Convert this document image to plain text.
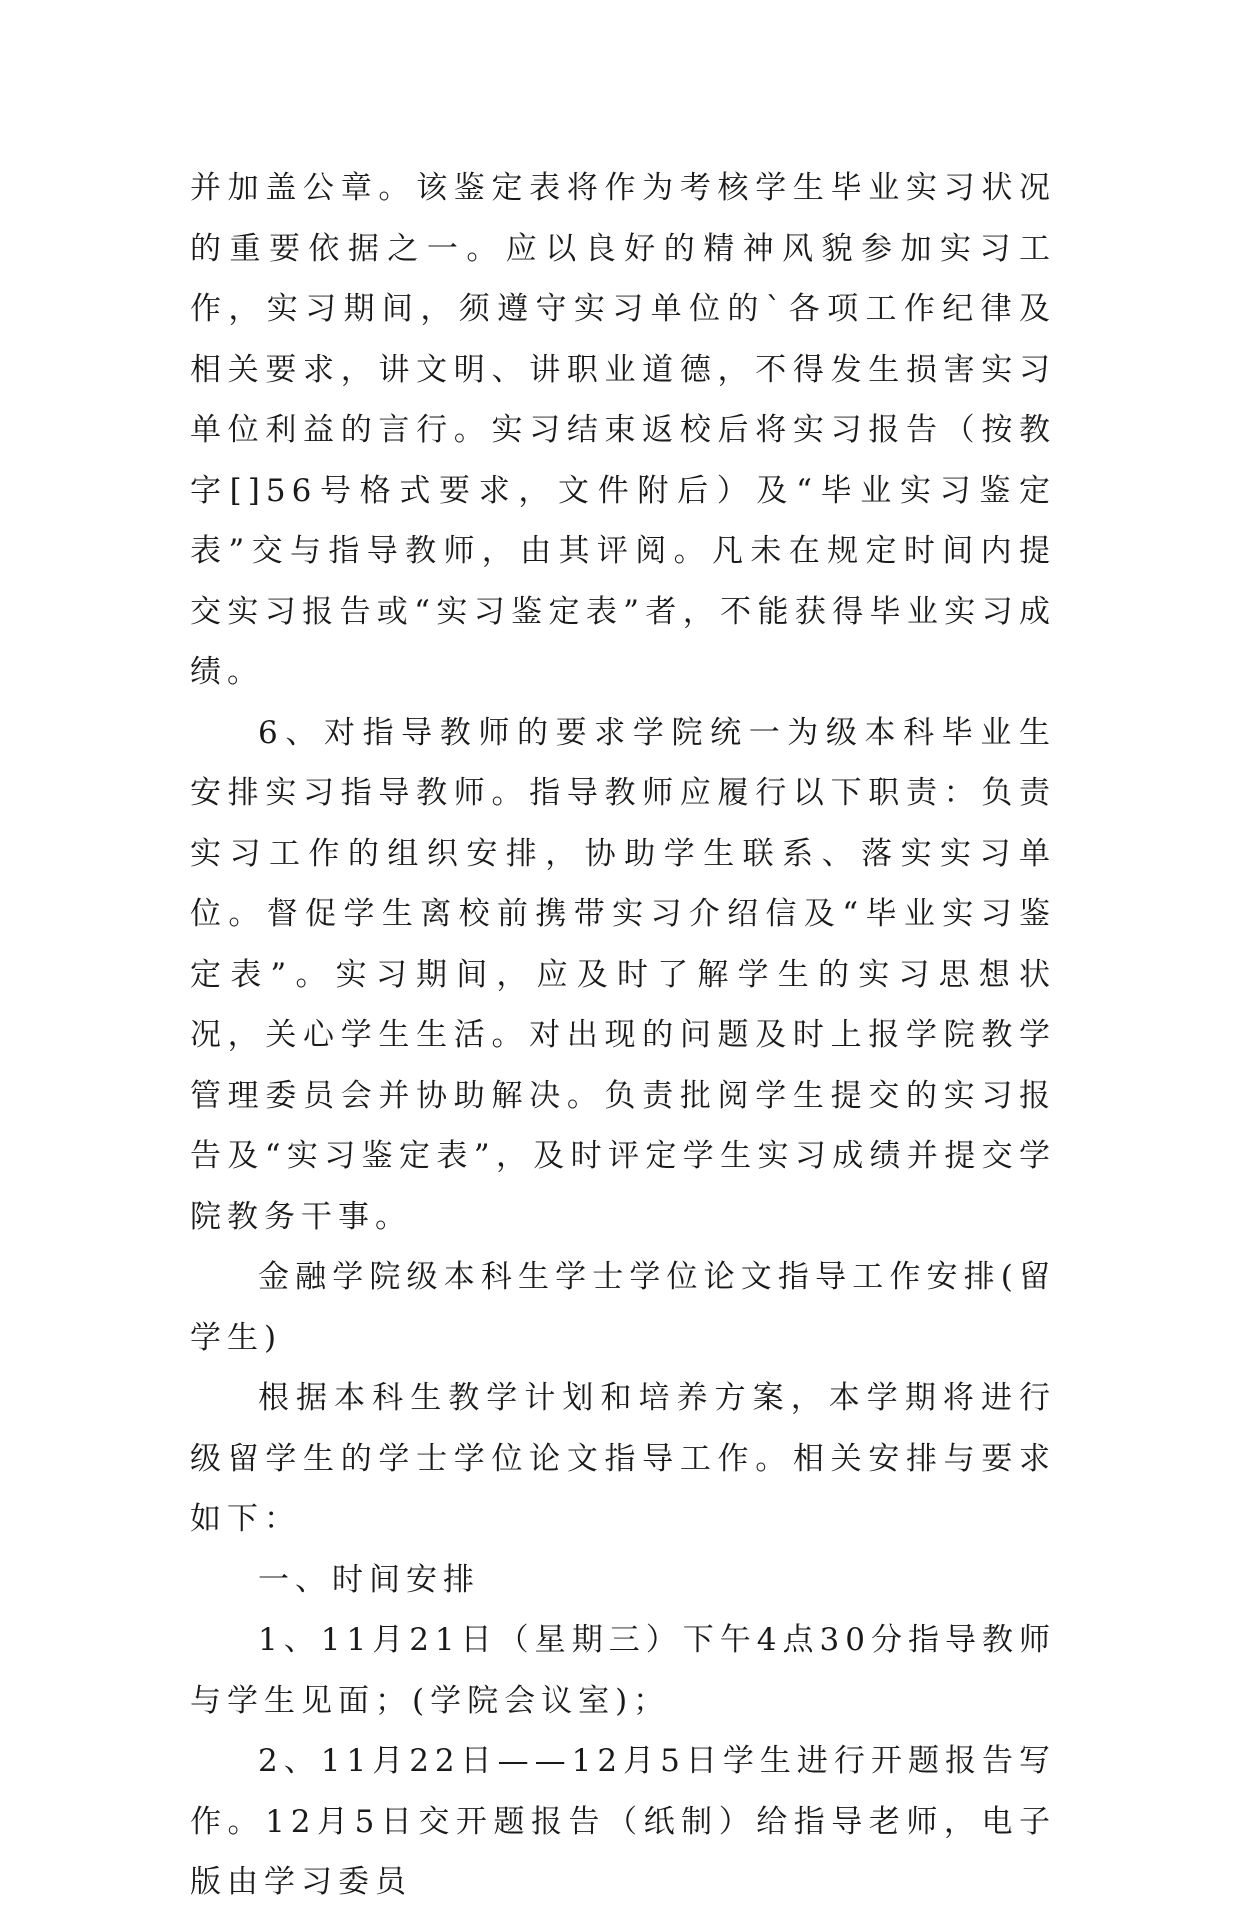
并加盖公章。该鉴定表将作为考核学生毕业实习状况的重要依据之一。应以良好的精神风貌参加实习工作，实习期间，须遵守实习单位的`各项工作纪律及相关要求，讲文明、讲职业道德，不得发生损害实习单位利益的言行。实习结束返校后将实习报告（按教字[]56号格式要求，文件附后）及“毕业实习鉴定表”交与指导教师，由其评阅。凡未在规定时间内提交实习报告或“实习鉴定表”者，不能获得毕业实习成绩。

6、对指导教师的要求学院统一为级本科毕业生安排实习指导教师。指导教师应履行以下职责：负责实习工作的组织安排，协助学生联系、落实实习单位。督促学生离校前携带实习介绍信及“毕业实习鉴定表”。实习期间，应及时了解学生的实习思想状况，关心学生生活。对出现的问题及时上报学院教学管理委员会并协助解决。负责批阅学生提交的实习报告及“实习鉴定表”，及时评定学生实习成绩并提交学院教务干事。

金融学院级本科生学士学位论文指导工作安排(留学生)

根据本科生教学计划和培养方案，本学期将进行级留学生的学士学位论文指导工作。相关安排与要求如下：

一、时间安排

1、11月21日（星期三）下午4点30分指导教师与学生见面；(学院会议室)；

2、11月22日——12月5日学生进行开题报告写作。12月5日交开题报告（纸制）给指导老师，电子版由学习委员
